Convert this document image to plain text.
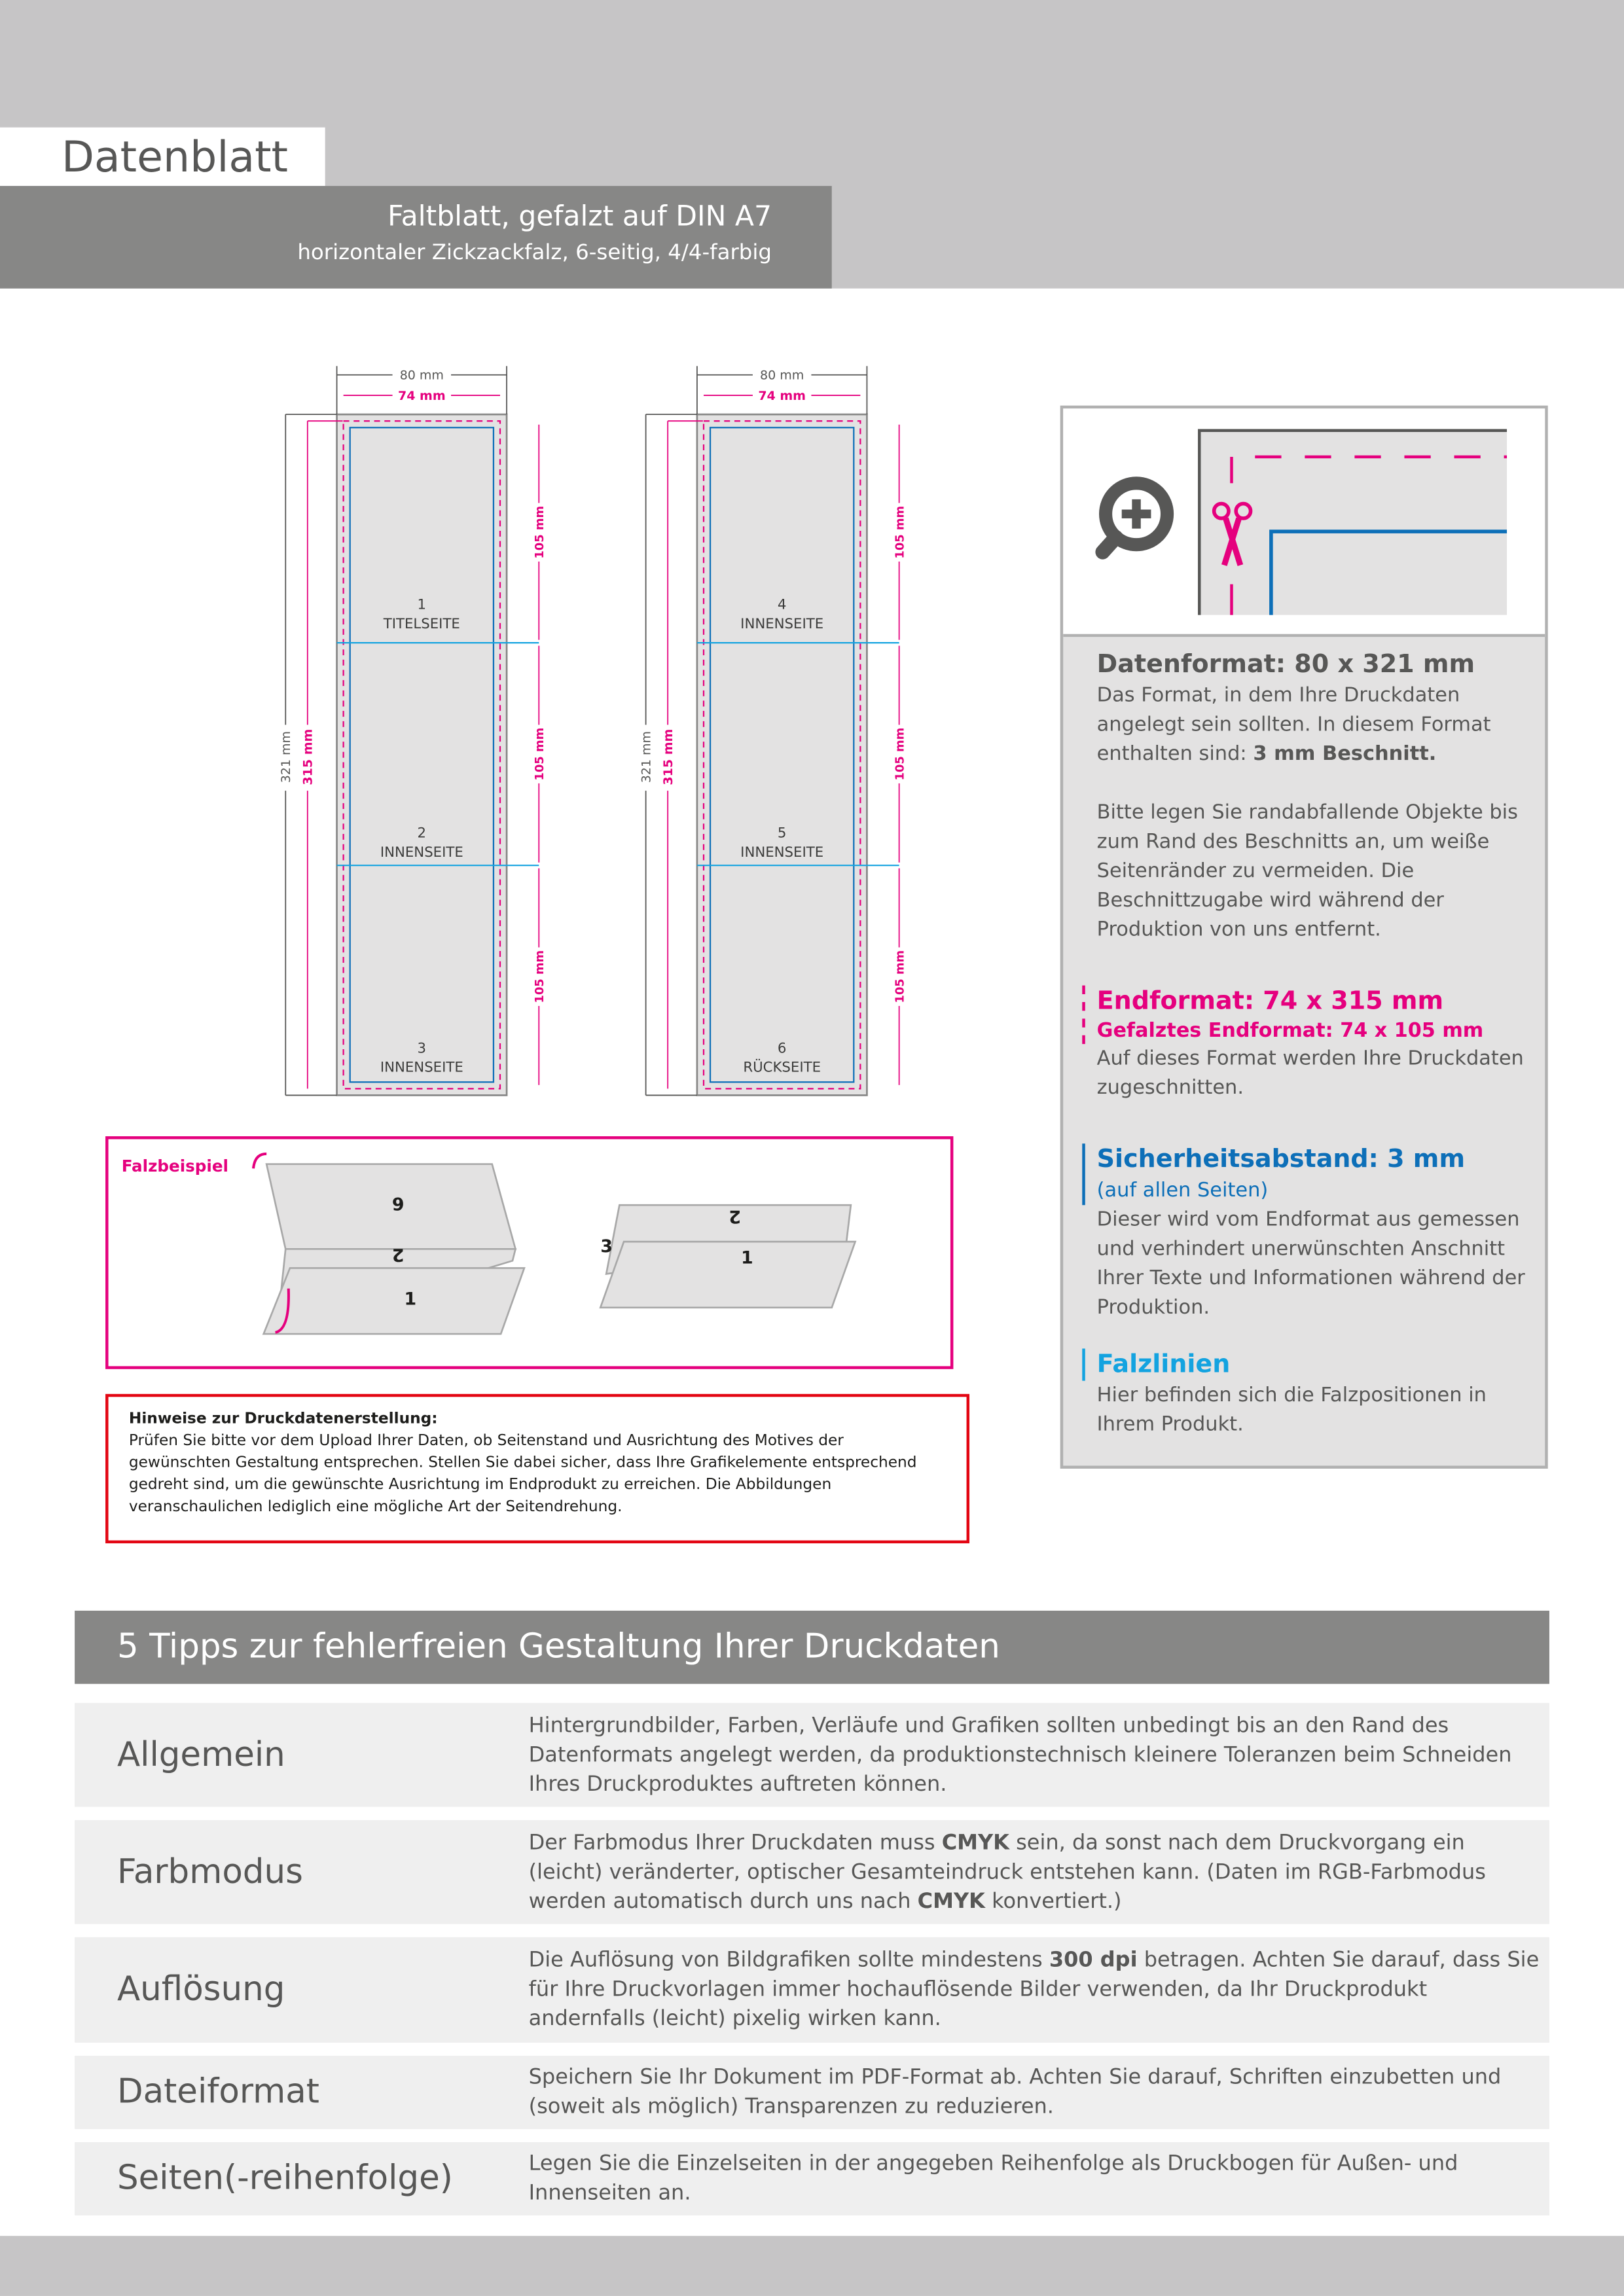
Datenblatt
Faltblatt, gefalzt auf DIN A7
horizontaler Zickzackfalz, 6-seitig, 4/4-farbig
80 mm
74 mm
321 mm 315 mm
105 mm
105 mm
105 mm
1
TITELSEITE
2
INNENSEITE
3
INNENSEITE
80 mm
74 mm
321 mm 315 mm
105 mm
105 mm
105 mm
4
INNENSEITE
5
INNENSEITE
6
RÜCKSEITE
Datenformat: 80 x 321 mm
Das Format, in dem Ihre Druckdaten angelegt sein sollten. In diesem Format enthalten sind: 3 mm Beschnitt.
Bitte legen Sie randabfallende Objekte bis zum Rand des Beschnitts an, um weiße Seitenränder zu vermeiden. Die Beschnittzugabe wird während der Produktion von uns entfernt.
Endformat: 74 x 315 mm
Gefalztes Endformat: 74 x 105 mm
Auf dieses Format werden Ihre Druckdaten zugeschnitten.
Sicherheitsabstand: 3 mm
(auf allen Seiten)
Dieser wird vom Endformat aus gemessen und verhindert unerwünschten Anschnitt Ihrer Texte und Informationen während der Produktion.
Falzlinien
Hier befinden sich die Falzpositionen in Ihrem Produkt.
Falzbeispiel
6
2
1
2
3
1
Hinweise zur Druckdatenerstellung:
Prüfen Sie bitte vor dem Upload Ihrer Daten, ob Seitenstand und Ausrichtung des Motives der gewünschten Gestaltung entsprechen. Stellen Sie dabei sicher, dass Ihre Grafikelemente entsprechend gedreht sind, um die gewünschte Ausrichtung im Endprodukt zu erreichen. Die Abbildungen veranschaulichen lediglich eine mögliche Art der Seitendrehung.
5 Tipps zur fehlerfreien Gestaltung Ihrer Druckdaten
Allgemein
Hintergrundbilder, Farben, Verläufe und Grafiken sollten unbedingt bis an den Rand des Datenformats angelegt werden, da produktionstechnisch kleinere Toleranzen beim Schneiden Ihres Druckproduktes auftreten können.
Farbmodus
Der Farbmodus Ihrer Druckdaten muss CMYK sein, da sonst nach dem Druckvorgang ein (leicht) veränderter, optischer Gesamteindruck entstehen kann. (Daten im RGB-Farbmodus werden automatisch durch uns nach CMYK konvertiert.)
Auflösung
Die Auflösung von Bildgrafiken sollte mindestens 300 dpi betragen. Achten Sie darauf, dass Sie für Ihre Druckvorlagen immer hochauflösende Bilder verwenden, da Ihr Druckprodukt andernfalls (leicht) pixelig wirken kann.
Dateiformat	Speichern Sie Ihr Dokument im PDF-Format ab. Achten Sie darauf, Schriften einzubetten und (soweit als möglich) Transparenzen zu reduzieren.
Seiten(-reihenfolge)	Legen Sie die Einzelseiten in der angegeben Reihenfolge als Druckbogen für Außen- und Innenseiten an.
